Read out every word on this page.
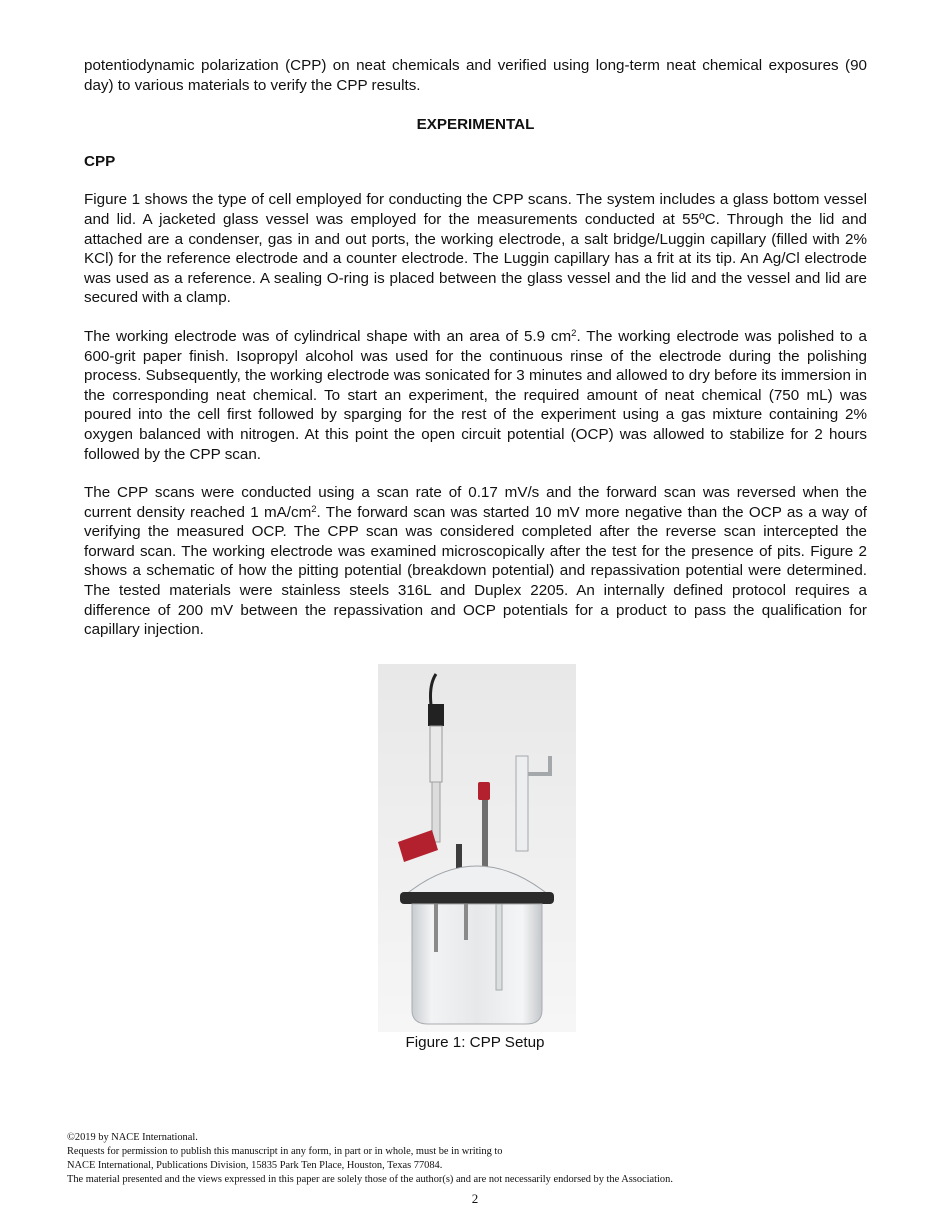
potentiodynamic polarization (CPP) on neat chemicals and verified using long-term neat chemical exposures (90 day) to various materials to verify the CPP results.

EXPERIMENTAL

CPP

Figure 1 shows the type of cell employed for conducting the CPP scans. The system includes a glass bottom vessel and lid. A jacketed glass vessel was employed for the measurements conducted at 55ºC. Through the lid and attached are a condenser, gas in and out ports, the working electrode, a salt bridge/Luggin capillary (filled with 2% KCl) for the reference electrode and a counter electrode. The Luggin capillary has a frit at its tip. An Ag/Cl electrode was used as a reference. A sealing O-ring is placed between the glass vessel and the lid and the vessel and lid are secured with a clamp.

The working electrode was of cylindrical shape with an area of 5.9 $cm^2$. The working electrode was polished to a 600-grit paper finish. Isopropyl alcohol was used for the continuous rinse of the electrode during the polishing process. Subsequently, the working electrode was sonicated for 3 minutes and allowed to dry before its immersion in the corresponding neat chemical. To start an experiment, the required amount of neat chemical (750 mL) was poured into the cell first followed by sparging for the rest of the experiment using a gas mixture containing 2% oxygen balanced with nitrogen. At this point the open circuit potential (OCP) was allowed to stabilize for 2 hours followed by the CPP scan.

The CPP scans were conducted using a scan rate of 0.17 mV/s and the forward scan was reversed when the current density reached 1 $mA/cm^2$. The forward scan was started 10 mV more negative than the OCP as a way of verifying the measured OCP. The CPP scan was considered completed after the reverse scan intercepted the forward scan. The working electrode was examined microscopically after the test for the presence of pits. Figure 2 shows a schematic of how the pitting potential (breakdown potential) and repassivation potential were determined. The tested materials were stainless steels 316L and Duplex 2205. An internally defined protocol requires a difference of 200 mV between the repassivation and OCP potentials for a product to pass the qualification for capillary injection.

Figure 1: CPP Setup
©2019 by NACE International.
Requests for permission to publish this manuscript in any form, in part or in whole, must be in writing to
NACE International, Publications Division, 15835 Park Ten Place, Houston, Texas 77084.
The material presented and the views expressed in this paper are solely those of the author(s) and are not necessarily endorsed by the Association.
2
